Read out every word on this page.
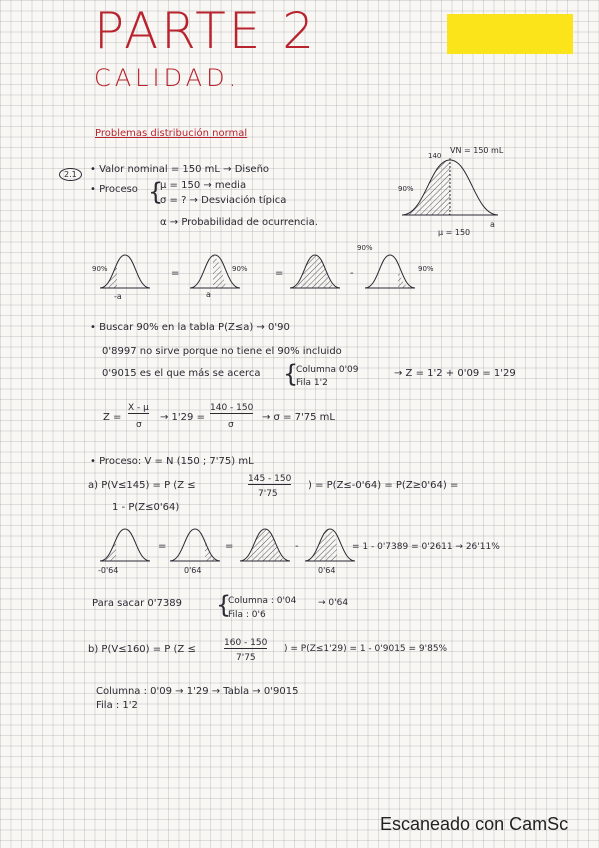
PARTE 2
CALIDAD.
Problemas distribución normal
2.1	• Valor nominal = 150 mL → Diseño
• Proceso {
μ = 150 → media
σ = ? → Desviación típica
α → Probabilidad de ocurrencia.
VN = 150 mL
140
90%
μ = 150
a
=	=	-
90%
-a	a
90%
90%
90%
• Buscar 90% en la tabla P(Z≤a) → 0'90
0'8997 no sirve porque no tiene el 90% incluido
0'9015 es el que más se acerca {
Columna 0'09
Fila 1'2
→ Z = 1'2 + 0'09 = 1'29
Z =
X - μ
σ
→ 1'29 =
140 - 150
σ
→ σ = 7'75 mL
• Proceso: V = N (150 ; 7'75) mL
a) P(V≤145) = P (Z ≤
145 - 150
7'75
) = P(Z≤-0'64) = P(Z≥0'64) =
1 - P(Z≤0'64)
=	=	-
-0'64	0'64	0'64
= 1 - 0'7389 = 0'2611 → 26'11%
Para sacar 0'7389 {
Columna : 0'04
Fila : 0'6
→ 0'64
b) P(V≤160) = P (Z ≤
160 - 150
7'75
) = P(Z≤1'29) = 1 - 0'9015 = 9'85%
Columna : 0'09 → 1'29 → Tabla → 0'9015
Fila : 1'2
Escaneado con CamSc
